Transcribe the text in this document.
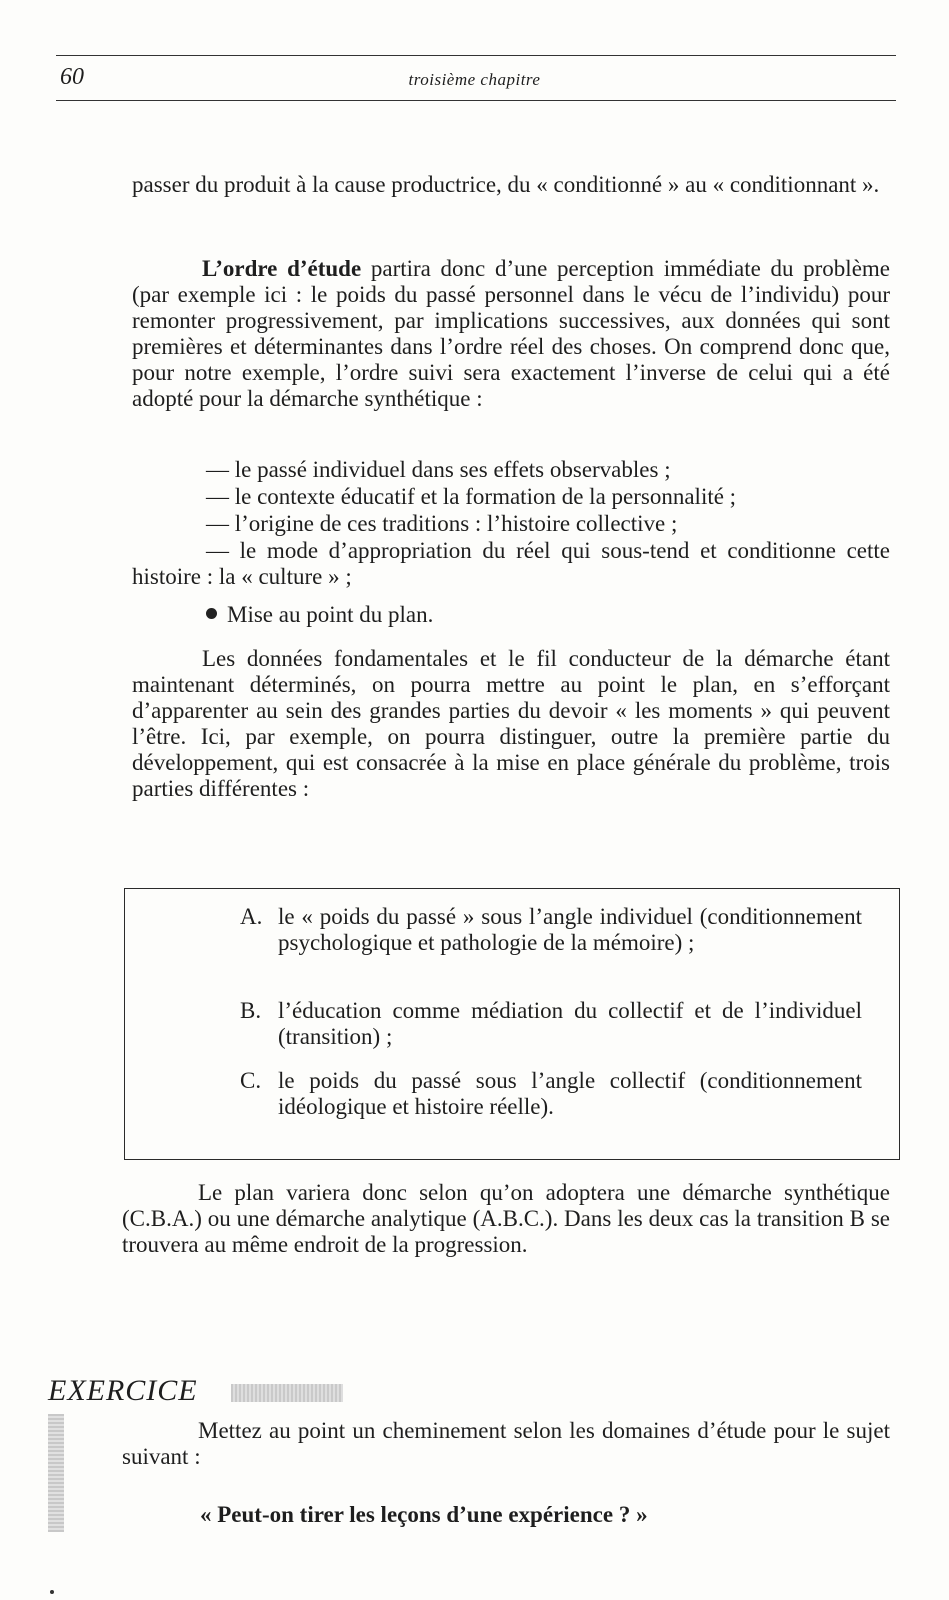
60	troisième chapitre
passer du produit à la cause productrice, du « conditionné » au « conditionnant ».
L’ordre d’étude partira donc d’une perception immédiate du problème (par exemple ici : le poids du passé personnel dans le vécu de l’individu) pour remonter progressivement, par implications successives, aux données qui sont premières et déterminantes dans l’ordre réel des choses. On comprend donc que, pour notre exemple, l’ordre suivi sera exactement l’inverse de celui qui a été adopté pour la démarche synthétique :
— le passé individuel dans ses effets observables ;
— le contexte éducatif et la formation de la personnalité ;
— l’origine de ces traditions : l’histoire collective ;
— le mode d’appropriation du réel qui sous-tend et conditionne cette histoire : la « culture » ;
Mise au point du plan.
Les données fondamentales et le fil conducteur de la démarche étant maintenant déterminés, on pourra mettre au point le plan, en s’efforçant d’apparenter au sein des grandes parties du devoir « les moments » qui peuvent l’être. Ici, par exemple, on pourra distinguer, outre la première partie du développement, qui est consacrée à la mise en place générale du problème, trois parties différentes :
A. le « poids du passé » sous l’angle individuel (conditionnement psychologique et pathologie de la mémoire) ;
B. l’éducation comme médiation du collectif et de l’individuel (transition) ;
C. le poids du passé sous l’angle collectif (conditionnement idéologique et histoire réelle).
Le plan variera donc selon qu’on adoptera une démarche synthétique (C.B.A.) ou une démarche analytique (A.B.C.). Dans les deux cas la transition B se trouvera au même endroit de la progression.
EXERCICE
Mettez au point un cheminement selon les domaines d’étude pour le sujet suivant :
« Peut-on tirer les leçons d’une expérience ? »
